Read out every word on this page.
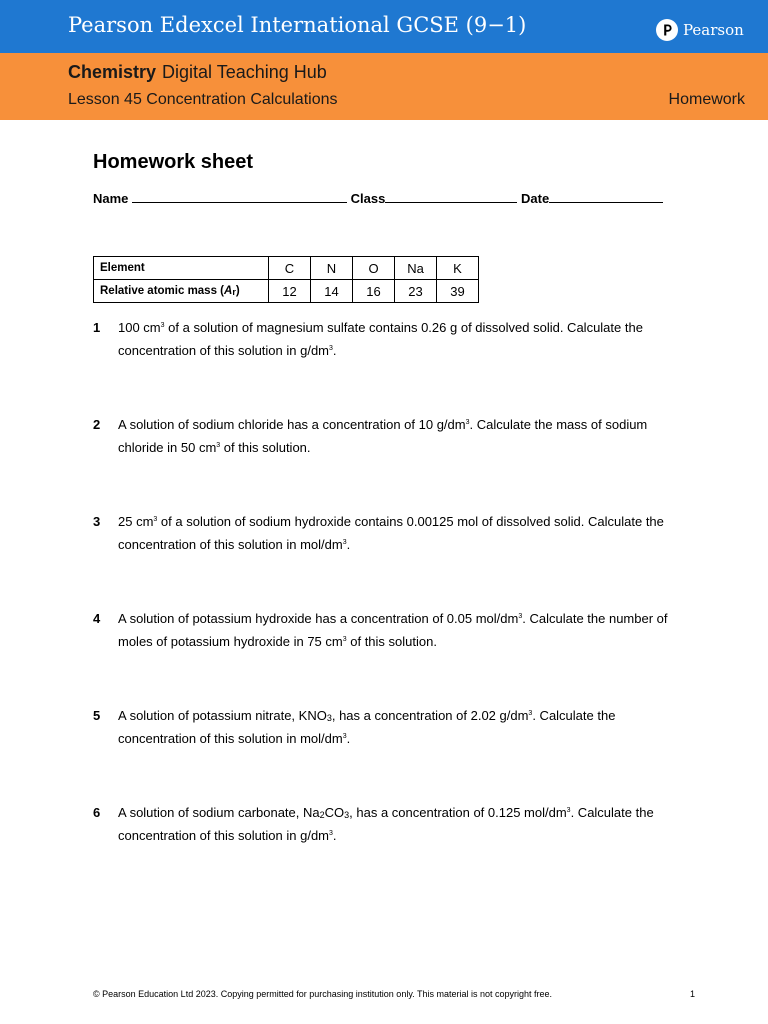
Pearson Edexcel International GCSE (9−1)	Pearson
Chemistry Digital Teaching Hub
Lesson 45 Concentration Calculations	Homework
Homework sheet
Name	Class	Date
Element	C	N	O	Na	K
Relative atomic mass $(A_r)$	12	14	16	23	39
1 100 $cm^3$ of a solution of magnesium sulfate contains 0.26 g of dissolved solid. Calculate the concentration of this solution in $g/dm^3$.
2 A solution of sodium chloride has a concentration of 10 $g/dm^3$. Calculate the mass of sodium chloride in 50 $cm^3$ of this solution.
3 25 $cm^3$ of a solution of sodium hydroxide contains 0.00125 mol of dissolved solid. Calculate the concentration of this solution in mol/$dm^3$.
4 A solution of potassium hydroxide has a concentration of 0.05 mol/$dm^3$. Calculate the number of moles of potassium hydroxide in 75 $cm^3$ of this solution.
5 A solution of potassium nitrate, $KNO_3$, has a concentration of 2.02 $g/dm^3$. Calculate the concentration of this solution in mol/$dm^3$.
6 A solution of sodium carbonate, $Na_2CO_3$, has a concentration of 0.125 mol/$dm^3$. Calculate the concentration of this solution in $g/dm^3$.
© Pearson Education Ltd 2023. Copying permitted for purchasing institution only. This material is not copyright free.	1
